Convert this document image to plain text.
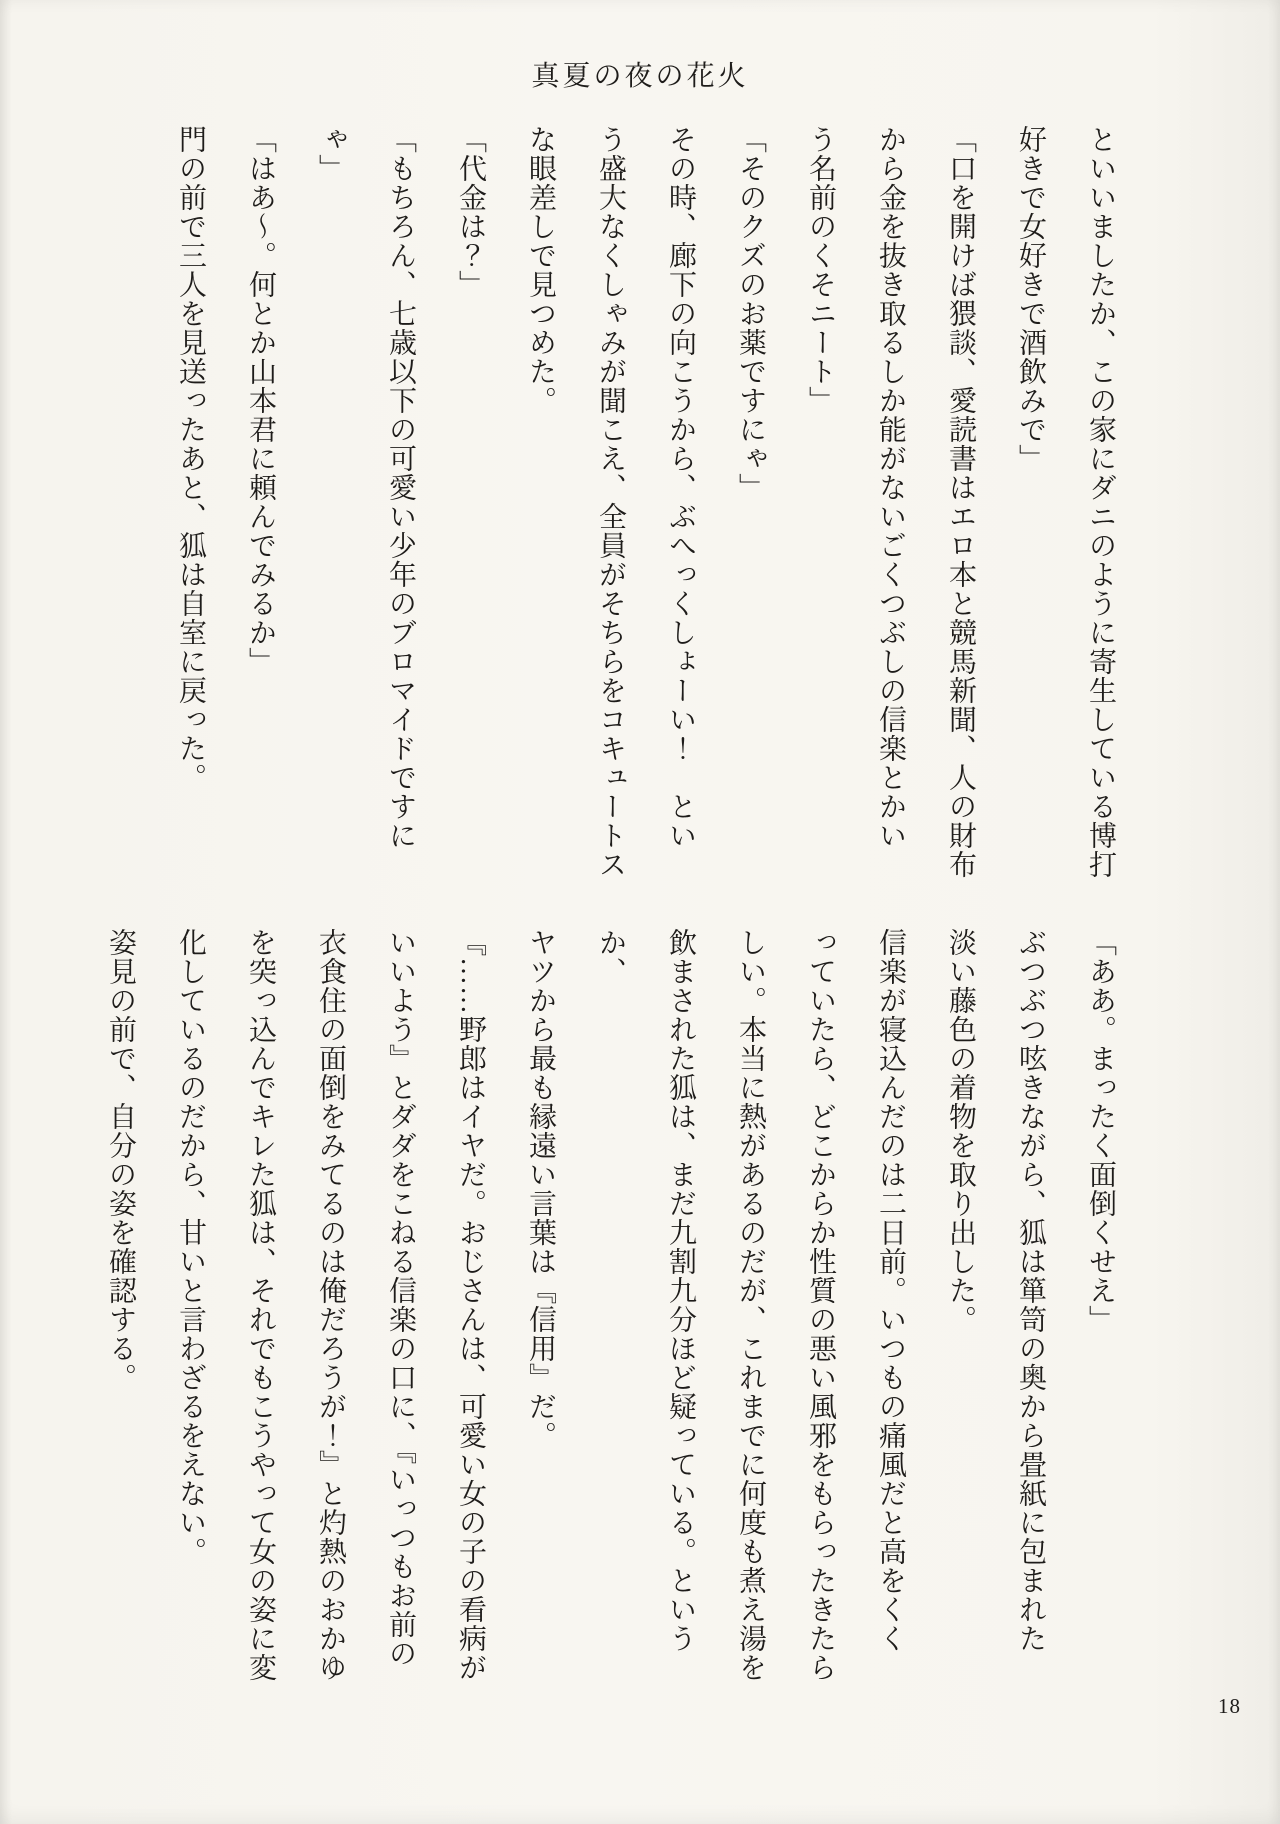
真夏の夜の花火
といいましたか、この家にダニのように寄生している博打
好きで女好きで酒飲みで」
「口を開けば猥談、愛読書はエロ本と競馬新聞、人の財布
から金を抜き取るしか能がないごくつぶしの信楽とかい
う名前のくそニート」
「そのクズのお薬ですにゃ」
その時、廊下の向こうから、ぶへっくしょーい！　とい
う盛大なくしゃみが聞こえ、全員がそちらをコキュートス
な眼差しで見つめた。
「代金は？」
「もちろん、七歳以下の可愛い少年のブロマイドですに
ゃ」
「はあ～。何とか山本君に頼んでみるか」
門の前で三人を見送ったあと、狐は自室に戻った。
「ああ。まったく面倒くせえ」
ぶつぶつ呟きながら、狐は箪笥の奥から畳紙に包まれた
淡い藤色の着物を取り出した。
信楽が寝込んだのは二日前。いつもの痛風だと高をくく
っていたら、どこからか性質の悪い風邪をもらったきたら
しい。本当に熱があるのだが、これまでに何度も煮え湯を
飲まされた狐は、まだ九割九分ほど疑っている。というか、
ヤツから最も縁遠い言葉は『信用』だ。
『……野郎はイヤだ。おじさんは、可愛い女の子の看病が
いいよう』とダダをこねる信楽の口に、『いっつもお前の
衣食住の面倒をみてるのは俺だろうが！』と灼熱のおかゆ
を突っ込んでキレた狐は、それでもこうやって女の姿に変
化しているのだから、甘いと言わざるをえない。
姿見の前で、自分の姿を確認する。
18
